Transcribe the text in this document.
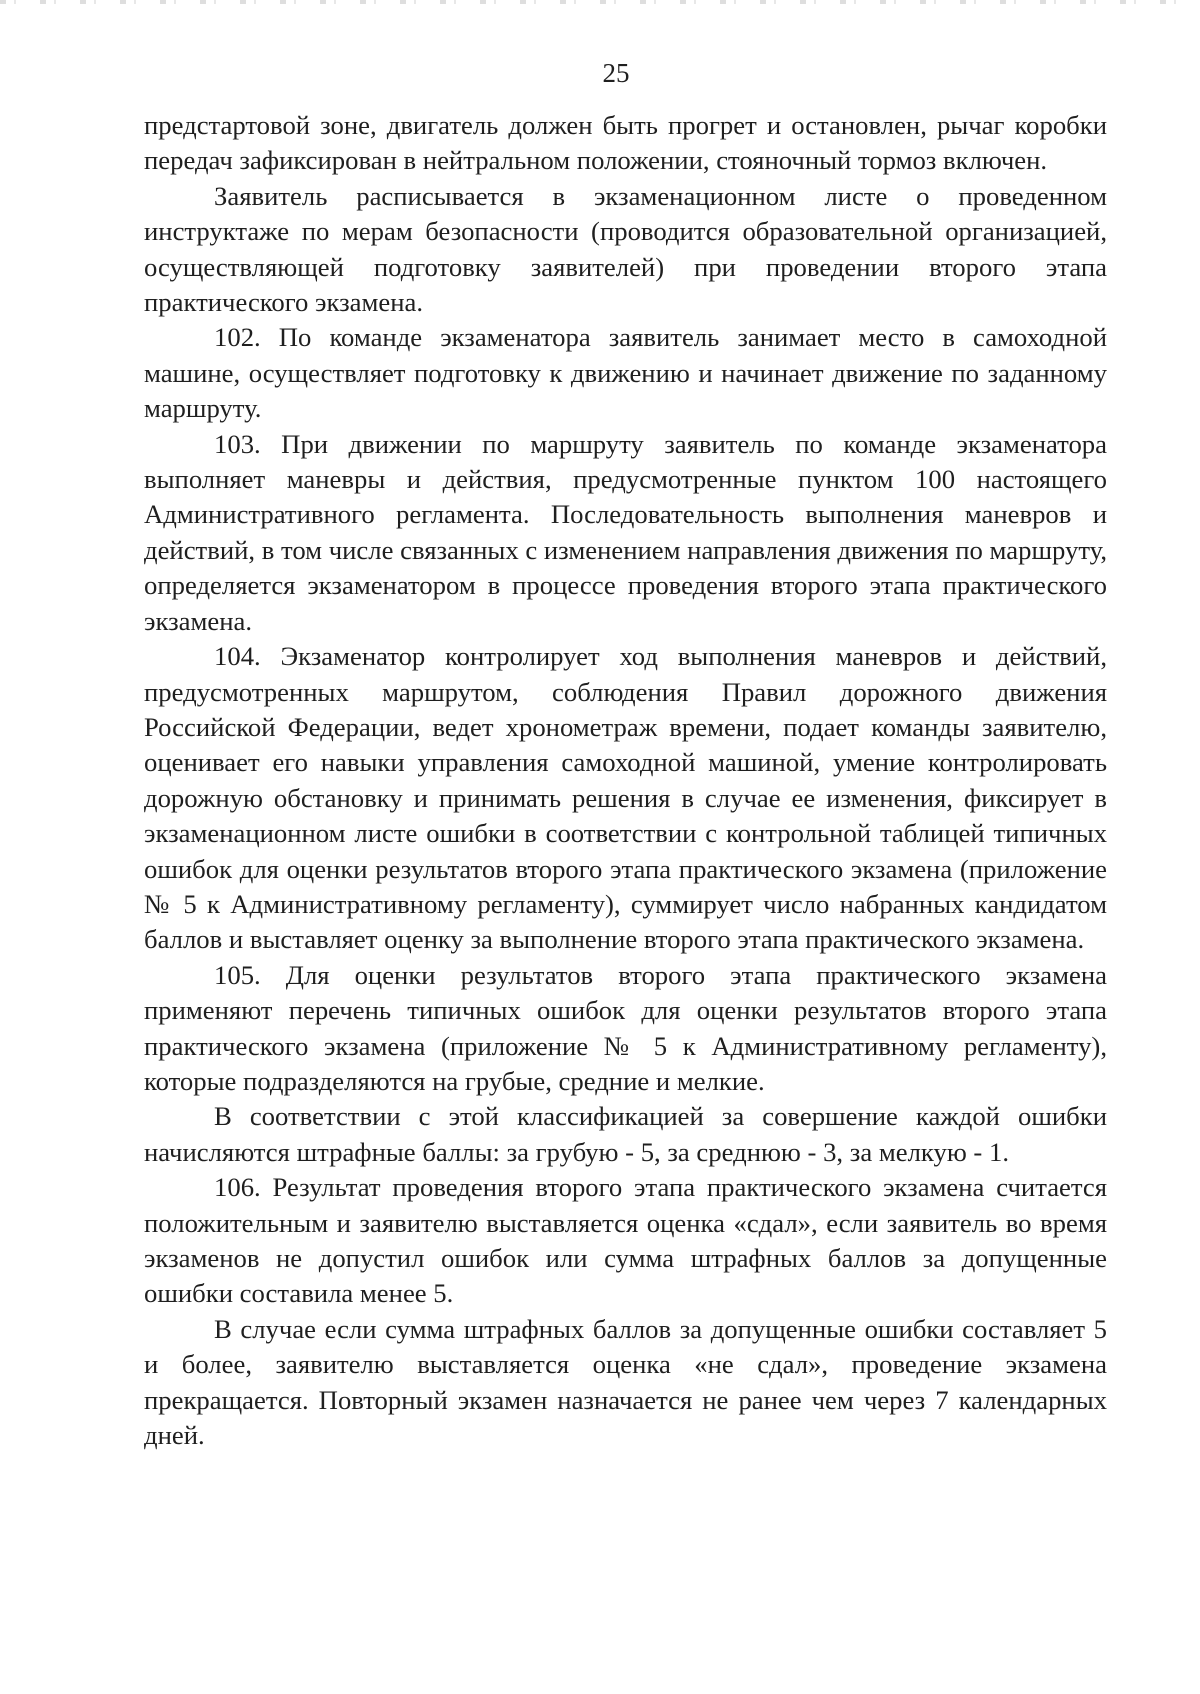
25

предстартовой зоне, двигатель должен быть прогрет и остановлен, рычаг коробки передач зафиксирован в нейтральном положении, стояночный тормоз включен.

Заявитель расписывается в экзаменационном листе о проведенном инструктаже по мерам безопасности (проводится образовательной организацией, осуществляющей подготовку заявителей) при проведении второго этапа практического экзамена.

102. По команде экзаменатора заявитель занимает место в самоходной машине, осуществляет подготовку к движению и начинает движение по заданному маршруту.

103. При движении по маршруту заявитель по команде экзаменатора выполняет маневры и действия, предусмотренные пунктом 100 настоящего Административного регламента. Последовательность выполнения маневров и действий, в том числе связанных с изменением направления движения по маршруту, определяется экзаменатором в процессе проведения второго этапа практического экзамена.

104. Экзаменатор контролирует ход выполнения маневров и действий, предусмотренных маршрутом, соблюдения Правил дорожного движения Российской Федерации, ведет хронометраж времени, подает команды заявителю, оценивает его навыки управления самоходной машиной, умение контролировать дорожную обстановку и принимать решения в случае ее изменения, фиксирует в экзаменационном листе ошибки в соответствии с контрольной таблицей типичных ошибок для оценки результатов второго этапа практического экзамена (приложение № 5 к Административному регламенту), суммирует число набранных кандидатом баллов и выставляет оценку за выполнение второго этапа практического экзамена.

105. Для оценки результатов второго этапа практического экзамена применяют перечень типичных ошибок для оценки результатов второго этапа практического экзамена (приложение № 5 к Административному регламенту), которые подразделяются на грубые, средние и мелкие.

В соответствии с этой классификацией за совершение каждой ошибки начисляются штрафные баллы: за грубую - 5, за среднюю - 3, за мелкую - 1.

106. Результат проведения второго этапа практического экзамена считается положительным и заявителю выставляется оценка «сдал», если заявитель во время экзаменов не допустил ошибок или сумма штрафных баллов за допущенные ошибки составила менее 5.

В случае если сумма штрафных баллов за допущенные ошибки составляет 5 и более, заявителю выставляется оценка «не сдал», проведение экзамена прекращается. Повторный экзамен назначается не ранее чем через 7 календарных дней.
